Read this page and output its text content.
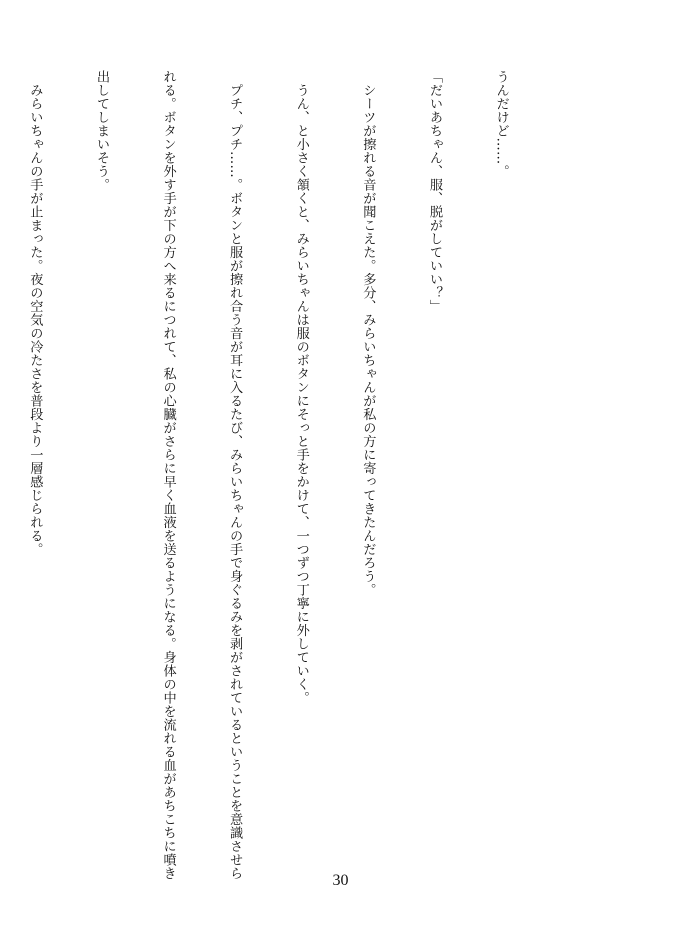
うんだけど……。

「だいあちゃん、服、脱がしていい？」

　シーツが擦れる音が聞こえた。多分、みらいちゃんが私の方に寄ってきたんだろう。

　うん、と小さく頷くと、みらいちゃんは服のボタンにそっと手をかけて、一つずつ丁寧に外していく。

　プチ、プチ……。ボタンと服が擦れ合う音が耳に入るたび、みらいちゃんの手で身ぐるみを剥がされているということを意識させら

れる。ボタンを外す手が下の方へ来るにつれて、私の心臓がさらに早く血液を送るようになる。身体の中を流れる血があちこちに噴き

出してしまいそう。

　みらいちゃんの手が止まった。夜の空気の冷たさを普段より一層感じられる。

30
